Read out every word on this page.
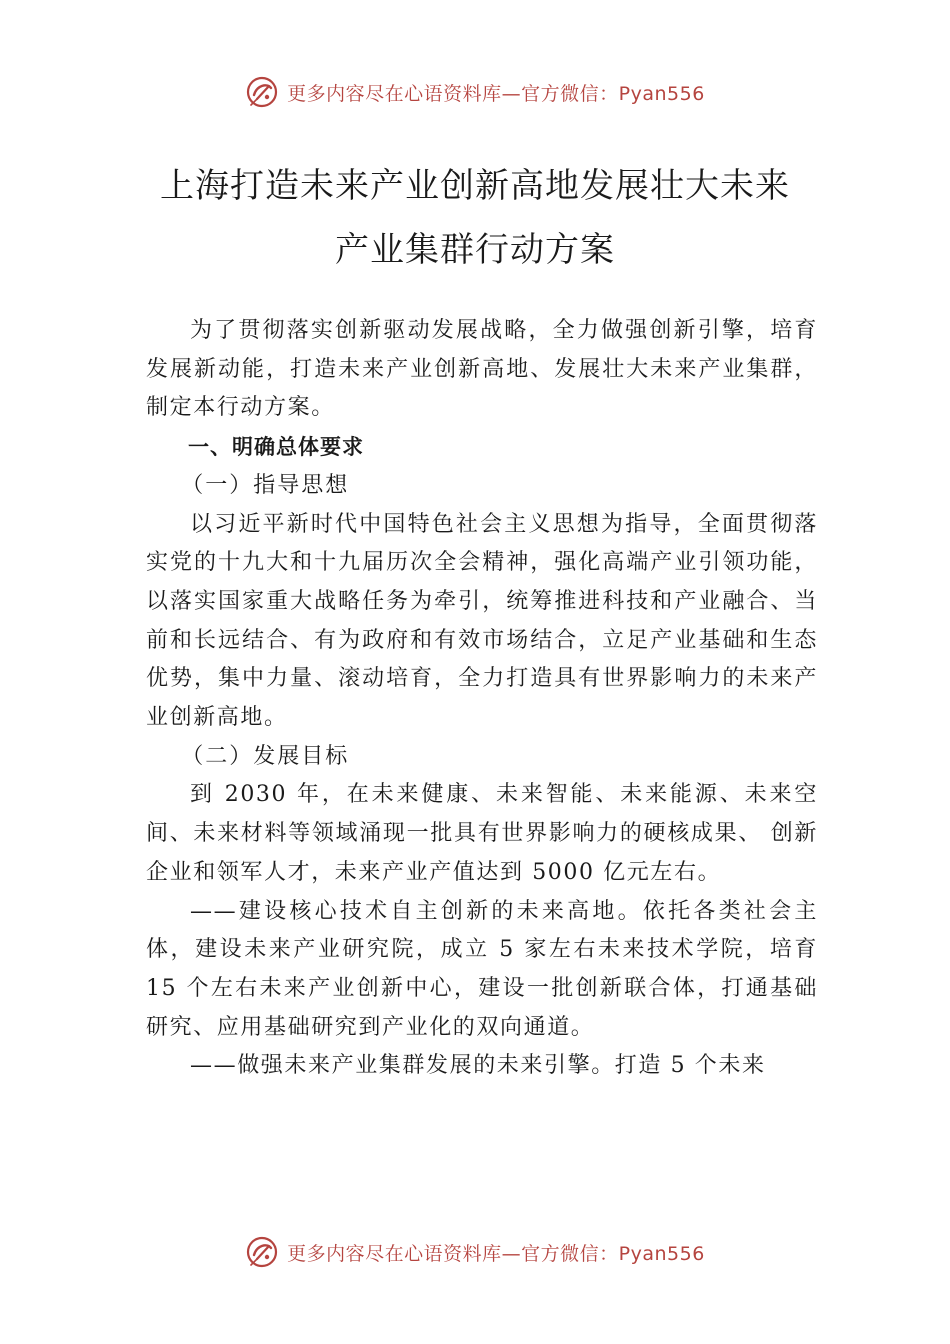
更多内容尽在心语资料库—官方微信：Pyan556
上海打造未来产业创新高地发展壮大未来
产业集群行动方案

为了贯彻落实创新驱动发展战略，全力做强创新引擎，培育发展新动能，打造未来产业创新高地、发展壮大未来产业集群，制定本行动方案。

一、明确总体要求

（一）指导思想

以习近平新时代中国特色社会主义思想为指导，全面贯彻落实党的十九大和十九届历次全会精神，强化高端产业引领功能，以落实国家重大战略任务为牵引，统筹推进科技和产业融合、当前和长远结合、有为政府和有效市场结合，立足产业基础和生态优势，集中力量、滚动培育，全力打造具有世界影响力的未来产业创新高地。

（二）发展目标

到 2030 年，在未来健康、未来智能、未来能源、未来空间、未来材料等领域涌现一批具有世界影响力的硬核成果、 创新企业和领军人才，未来产业产值达到 5000 亿元左右。

——建设核心技术自主创新的未来高地。依托各类社会主体，建设未来产业研究院，成立 5 家左右未来技术学院，培育 15 个左右未来产业创新中心，建设一批创新联合体，打通基础研究、应用基础研究到产业化的双向通道。

——做强未来产业集群发展的未来引擎。打造 5 个未来

更多内容尽在心语资料库—官方微信：Pyan556
